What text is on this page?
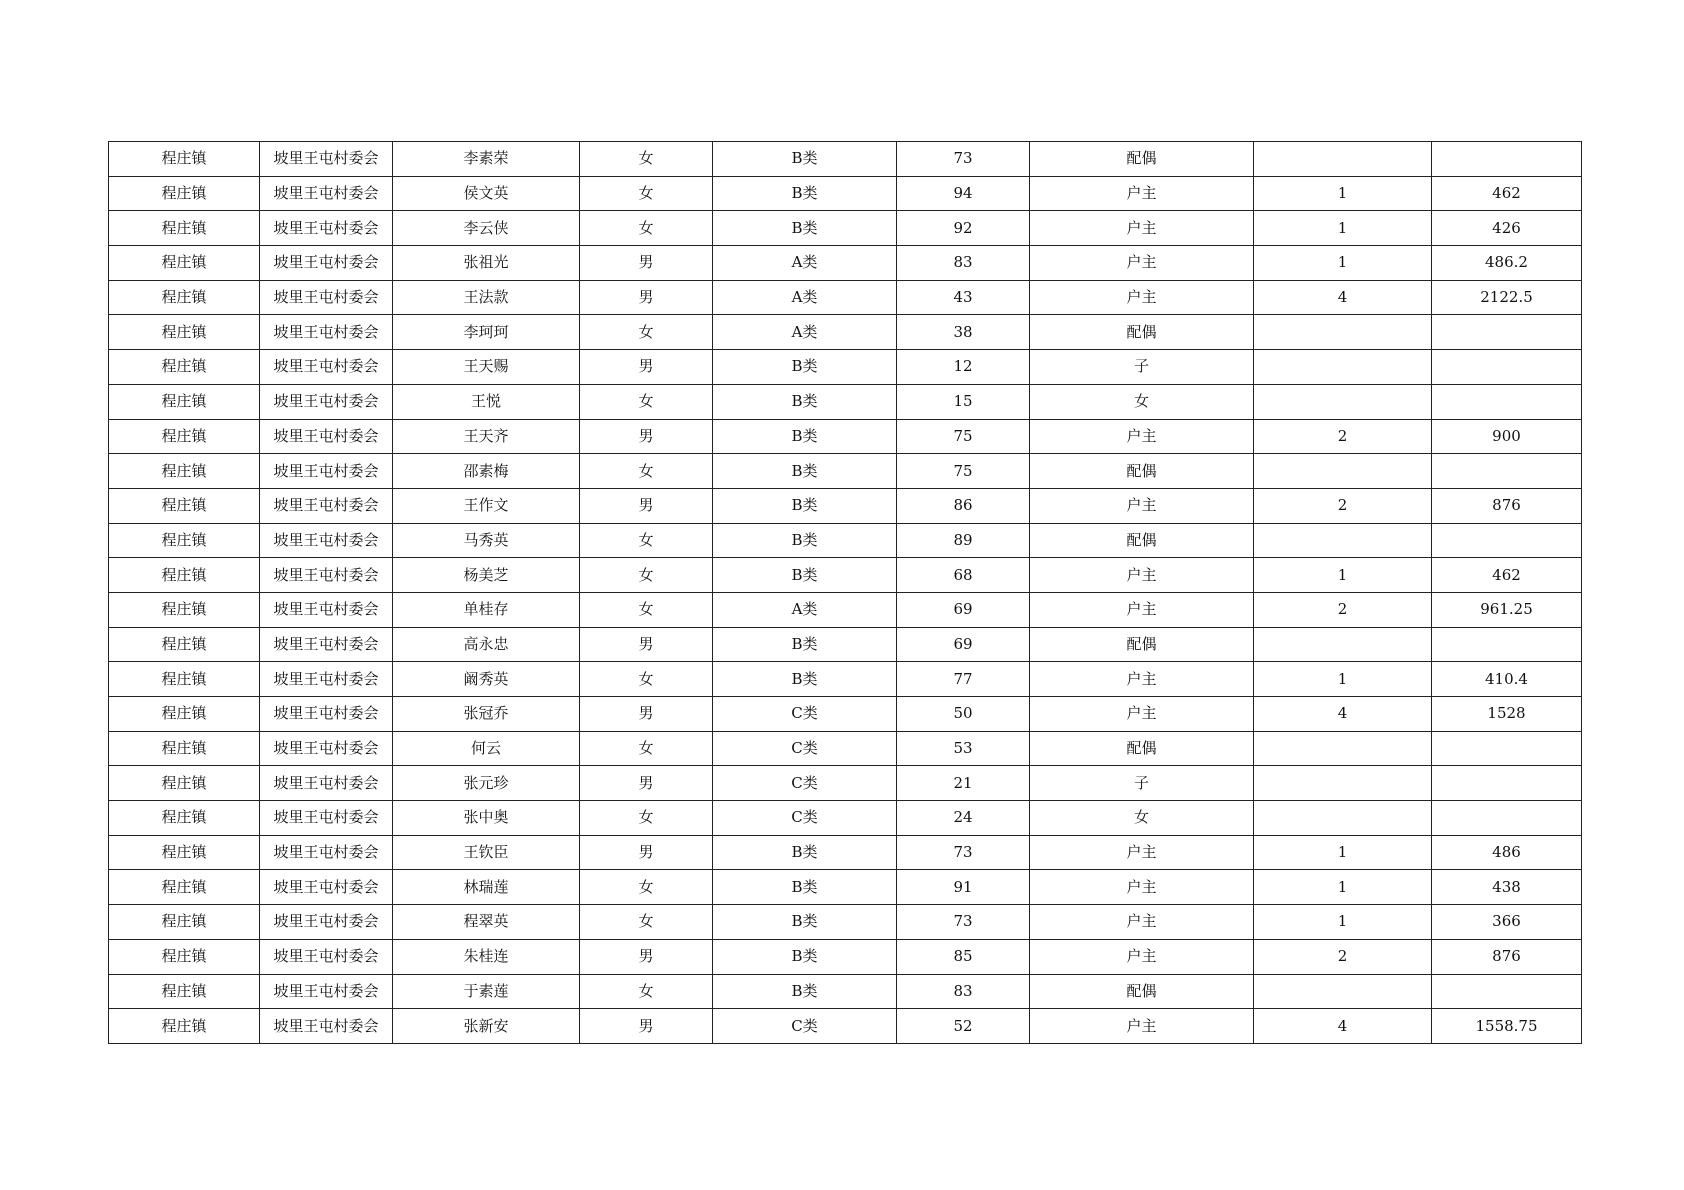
程庄镇	坡里王屯村委会	李素荣	女	B类	73	配偶		
程庄镇	坡里王屯村委会	侯文英	女	B类	94	户主	1	462
程庄镇	坡里王屯村委会	李云侠	女	B类	92	户主	1	426
程庄镇	坡里王屯村委会	张祖光	男	A类	83	户主	1	486.2
程庄镇	坡里王屯村委会	王法款	男	A类	43	户主	4	2122.5
程庄镇	坡里王屯村委会	李珂珂	女	A类	38	配偶		
程庄镇	坡里王屯村委会	王天赐	男	B类	12	子		
程庄镇	坡里王屯村委会	王悦	女	B类	15	女		
程庄镇	坡里王屯村委会	王天齐	男	B类	75	户主	2	900
程庄镇	坡里王屯村委会	邵素梅	女	B类	75	配偶		
程庄镇	坡里王屯村委会	王作文	男	B类	86	户主	2	876
程庄镇	坡里王屯村委会	马秀英	女	B类	89	配偶		
程庄镇	坡里王屯村委会	杨美芝	女	B类	68	户主	1	462
程庄镇	坡里王屯村委会	单桂存	女	A类	69	户主	2	961.25
程庄镇	坡里王屯村委会	高永忠	男	B类	69	配偶		
程庄镇	坡里王屯村委会	阚秀英	女	B类	77	户主	1	410.4
程庄镇	坡里王屯村委会	张冠乔	男	C类	50	户主	4	1528
程庄镇	坡里王屯村委会	何云	女	C类	53	配偶		
程庄镇	坡里王屯村委会	张元珍	男	C类	21	子		
程庄镇	坡里王屯村委会	张中奥	女	C类	24	女		
程庄镇	坡里王屯村委会	王钦臣	男	B类	73	户主	1	486
程庄镇	坡里王屯村委会	林瑞莲	女	B类	91	户主	1	438
程庄镇	坡里王屯村委会	程翠英	女	B类	73	户主	1	366
程庄镇	坡里王屯村委会	朱桂连	男	B类	85	户主	2	876
程庄镇	坡里王屯村委会	于素莲	女	B类	83	配偶		
程庄镇	坡里王屯村委会	张新安	男	C类	52	户主	4	1558.75
